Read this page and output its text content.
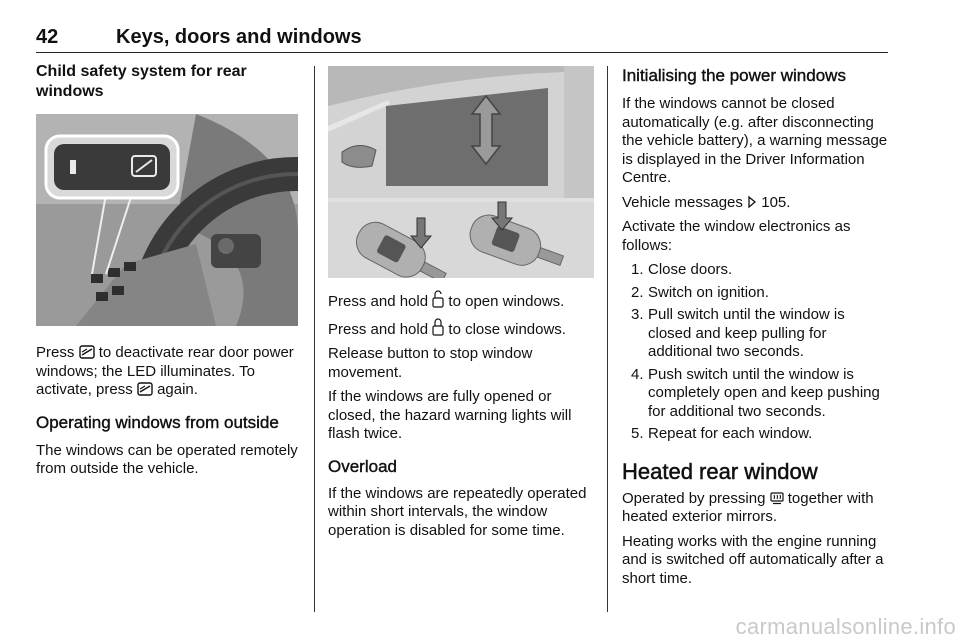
42	Keys, doors and windows
Child safety system for rear windows

Press to deactivate rear door power windows; the LED illuminates. To activate, press again.

Operating windows from outside

The windows can be operated remotely from outside the vehicle.

Press and hold to open windows.

Press and hold to close windows.

Release button to stop window movement.

If the windows are fully opened or closed, the hazard warning lights will flash twice.

Overload

If the windows are repeatedly operated within short intervals, the window operation is disabled for some time.

Initialising the power windows

If the windows cannot be closed automatically (e.g. after disconnecting the vehicle battery), a warning message is displayed in the Driver Information Centre.

Vehicle messages 105.

Activate the window electronics as follows:

1. Close doors.
2. Switch on ignition.
3. Pull switch until the window is closed and keep pulling for additional two seconds.
4. Push switch until the window is completely open and keep pushing for additional two seconds.
5. Repeat for each window.
Heated rear window

Operated by pressing together with heated exterior mirrors.

Heating works with the engine running and is switched off automatically after a short time.

carmanualsonline.info
